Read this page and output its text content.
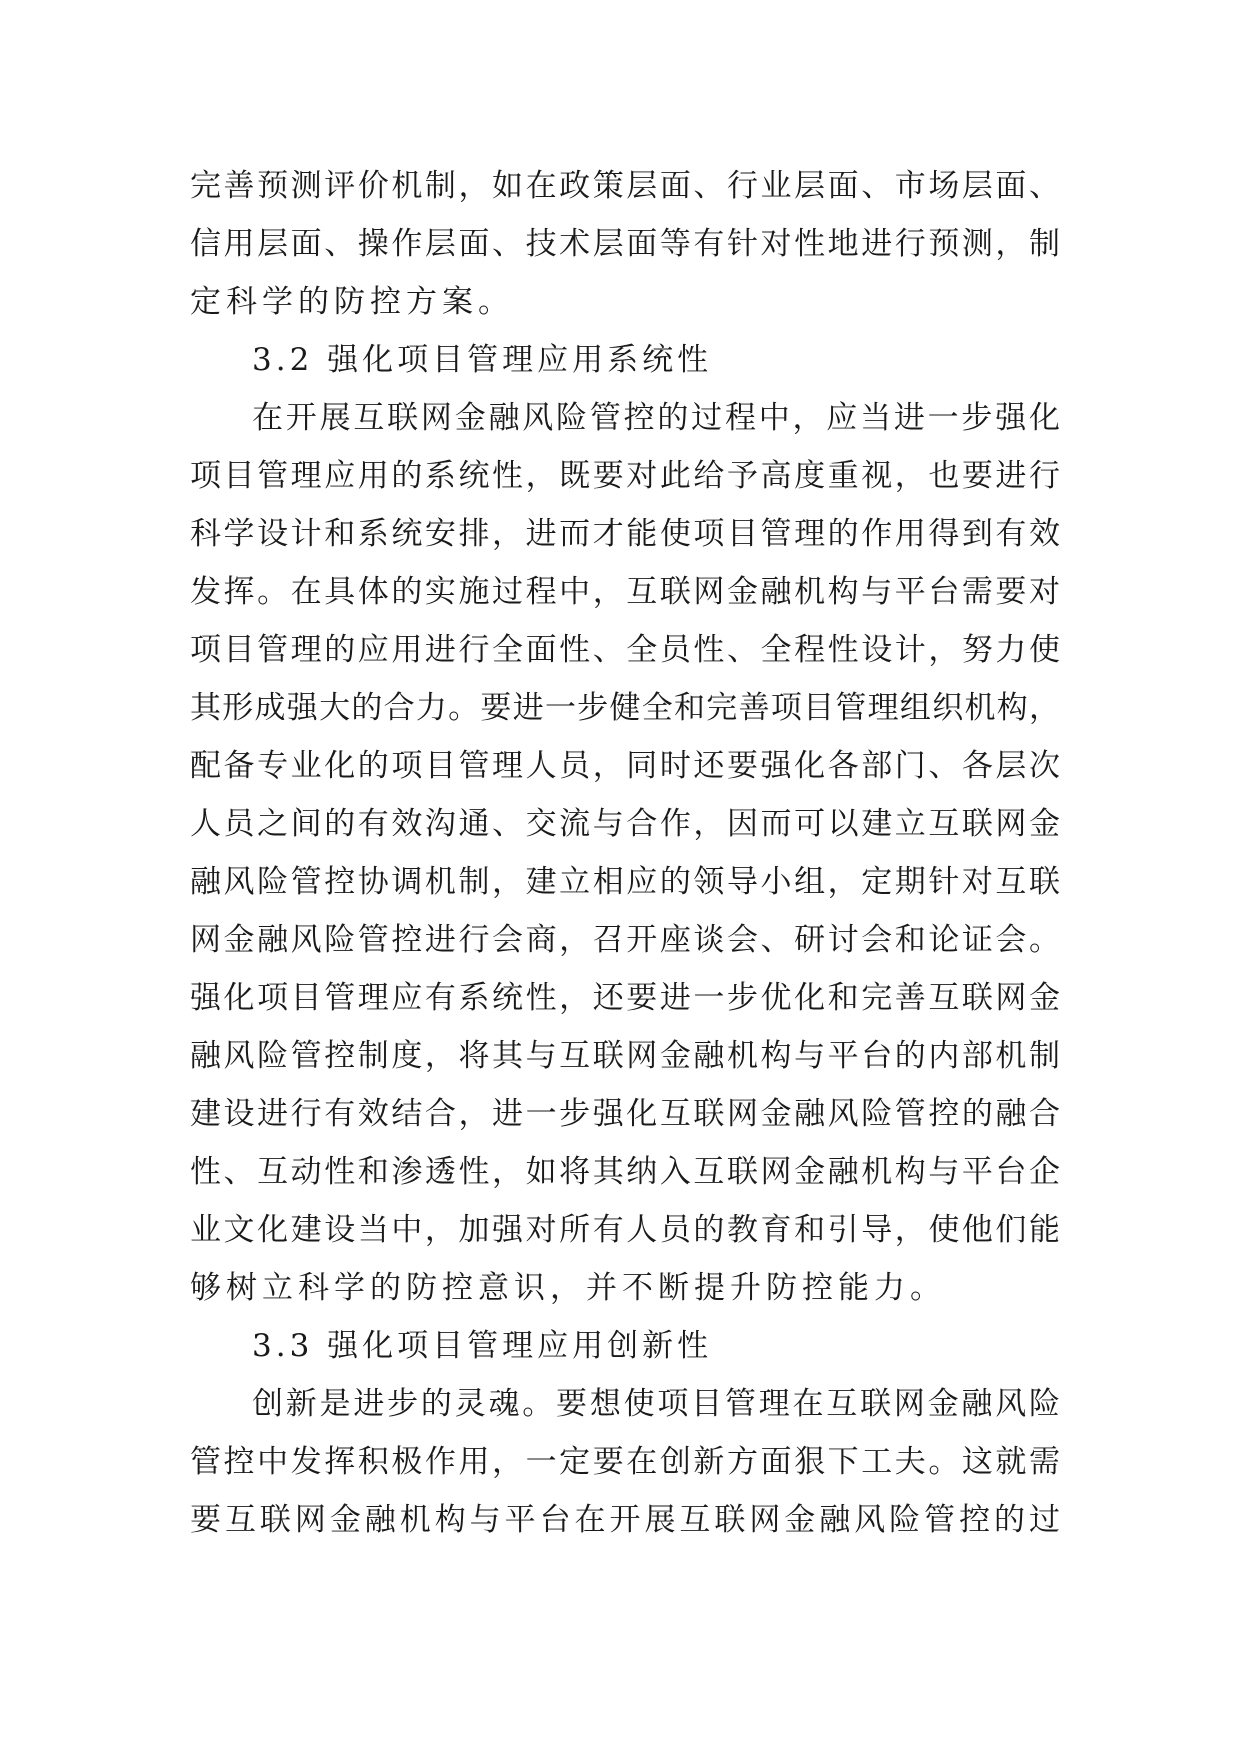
完善预测评价机制，如在政策层面、行业层面、市场层面、
信用层面、操作层面、技术层面等有针对性地进行预测，制
定科学的防控方案。
3.2 强化项目管理应用系统性
在开展互联网金融风险管控的过程中，应当进一步强化
项目管理应用的系统性，既要对此给予高度重视，也要进行
科学设计和系统安排，进而才能使项目管理的作用得到有效
发挥。在具体的实施过程中，互联网金融机构与平台需要对
项目管理的应用进行全面性、全员性、全程性设计，努力使
其形成强大的合力。要进一步健全和完善项目管理组织机构，
配备专业化的项目管理人员，同时还要强化各部门、各层次
人员之间的有效沟通、交流与合作，因而可以建立互联网金
融风险管控协调机制，建立相应的领导小组，定期针对互联
网金融风险管控进行会商，召开座谈会、研讨会和论证会。
强化项目管理应有系统性，还要进一步优化和完善互联网金
融风险管控制度，将其与互联网金融机构与平台的内部机制
建设进行有效结合，进一步强化互联网金融风险管控的融合
性、互动性和渗透性，如将其纳入互联网金融机构与平台企
业文化建设当中，加强对所有人员的教育和引导，使他们能
够树立科学的防控意识，并不断提升防控能力。
3.3 强化项目管理应用创新性
创新是进步的灵魂。要想使项目管理在互联网金融风险
管控中发挥积极作用，一定要在创新方面狠下工夫。这就需
要互联网金融机构与平台在开展互联网金融风险管控的过
